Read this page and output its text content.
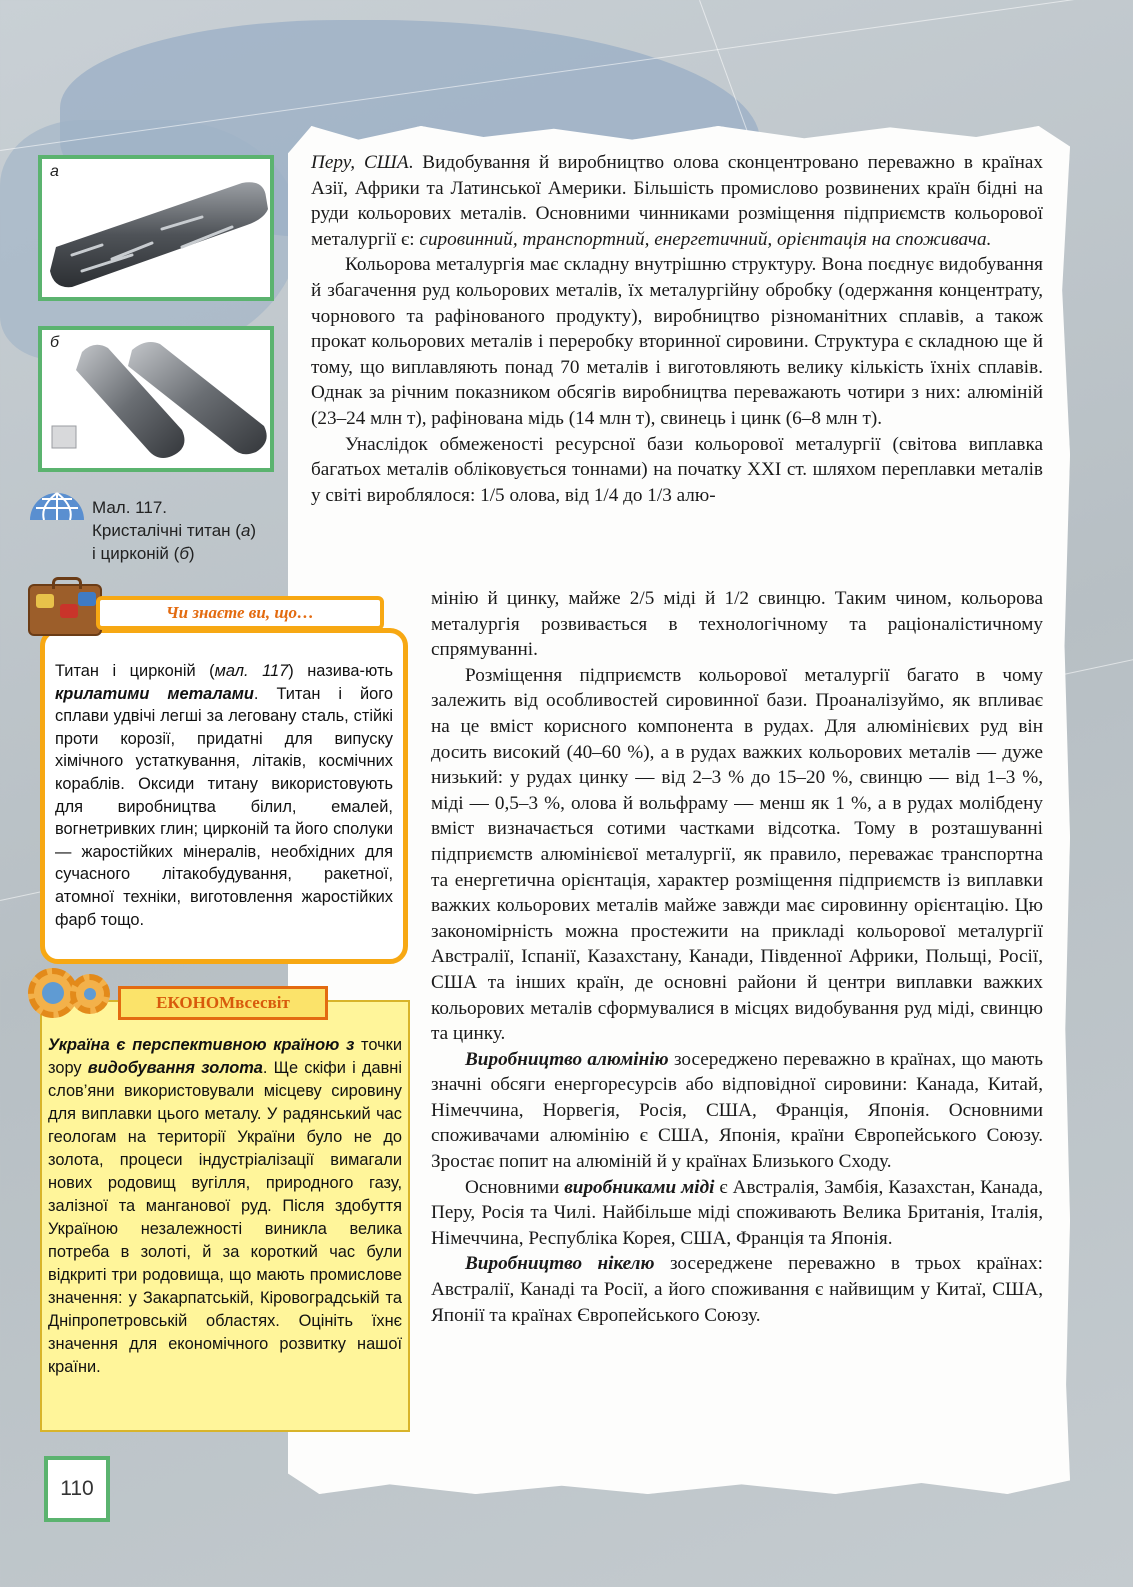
а
б
Мал. 117.
Кристалічні титан (а)
і цирконій (б)
Чи знаєте ви, що…
Титан і цирконій (мал. 117) назива-ють крилатими металами. Титан і його сплави удвічі легші за леговану сталь, стійкі проти корозії, придатні для випуску хімічного устаткування, літаків, космічних кораблів. Оксиди титану використовують для виробництва білил, емалей, вогнетривких глин; цирконій та його сполуки — жаростійких мінералів, необхідних для сучасного літакобудування, ракетної, атомної техніки, виготовлення жаростійких фарб тощо.
ЕКОНОМвсесвіт
Україна є перспективною країною з точки зору видобування золота. Ще скіфи і давні слов’яни використовували місцеву сировину для виплавки цього металу. У радянський час геологам на території України було не до золота, процеси індустріалізації вимагали нових родовищ вугілля, природного газу, залізної та манганової руд. Після здобуття Україною незалежності виникла велика потреба в золоті, й за короткий час були відкриті три родовища, що мають промислове значення: у Закарпатській, Кіровоградській та Дніпропетровській областях. Оцініть їхнє значення для економічного розвитку нашої країни.

Перу, США. Видобування й виробництво олова сконцентровано переважно в країнах Азії, Африки та Латинської Америки. Більшість промислово розвинених країн бідні на руди кольорових металів. Основними чинниками розміщення підприємств кольорової металургії є: сировинний, транспортний, енергетичний, орієнтація на споживача.

Кольорова металургія має складну внутрішню структуру. Вона поєднує видобування й збагачення руд кольорових металів, їх металургійну обробку (одержання концентрату, чорнового та рафінованого продукту), виробництво різноманітних сплавів, а також прокат кольорових металів і переробку вторинної сировини. Структура є складною ще й тому, що виплавляють понад 70 металів і виготовляють велику кількість їхніх сплавів. Однак за річним показником обсягів виробництва переважають чотири з них: алюміній (23–24 млн т), рафінована мідь (14 млн т), свинець і цинк (6–8 млн т).

Унаслідок обмеженості ресурсної бази кольорової металургії (світова виплавка багатьох металів обліковується тоннами) на початку XXI ст. шляхом переплавки металів у світі вироблялося: 1/5 олова, від 1/4 до 1/3 алю-

мінію й цинку, майже 2/5 міді й 1/2 свинцю. Таким чином, кольорова металургія розвивається в технологічному та раціоналістичному спрямуванні.

Розміщення підприємств кольорової металургії багато в чому залежить від особливостей сировинної бази. Проаналізуймо, як впливає на це вміст корисного компонента в рудах. Для алюмінієвих руд він досить високий (40–60 %), а в рудах важких кольорових металів — дуже низький: у рудах цинку — від 2–3 % до 15–20 %, свинцю — від 1–3 %, міді — 0,5–3 %, олова й вольфраму — менш як 1 %, а в рудах молібдену вміст визначається сотими частками відсотка. Тому в розташуванні підприємств алюмінієвої металургії, як правило, переважає транспортна та енергетична орієнтація, характер розміщення підприємств із виплавки важких кольорових металів майже завжди має сировинну орієнтацію. Цю закономірність можна простежити на прикладі кольорової металургії Австралії, Іспанії, Казахстану, Канади, Південної Африки, Польщі, Росії, США та інших країн, де основні райони й центри виплавки важких кольорових металів сформувалися в місцях видобування руд міді, свинцю та цинку.

Виробництво алюмінію зосереджено переважно в країнах, що мають значні обсяги енергоресурсів або відповідної сировини: Канада, Китай, Німеччина, Норвегія, Росія, США, Франція, Японія. Основними споживачами алюмінію є США, Японія, країни Європейського Союзу. Зростає попит на алюміній й у країнах Близького Сходу.

Основними виробниками міді є Австралія, Замбія, Казахстан, Канада, Перу, Росія та Чилі. Найбільше міді споживають Велика Британія, Італія, Німеччина, Республіка Корея, США, Франція та Японія.

Виробництво нікелю зосереджене переважно в трьох країнах: Австралії, Канаді та Росії, а його споживання є найвищим у Китаї, США, Японії та країнах Європейського Союзу.

110
